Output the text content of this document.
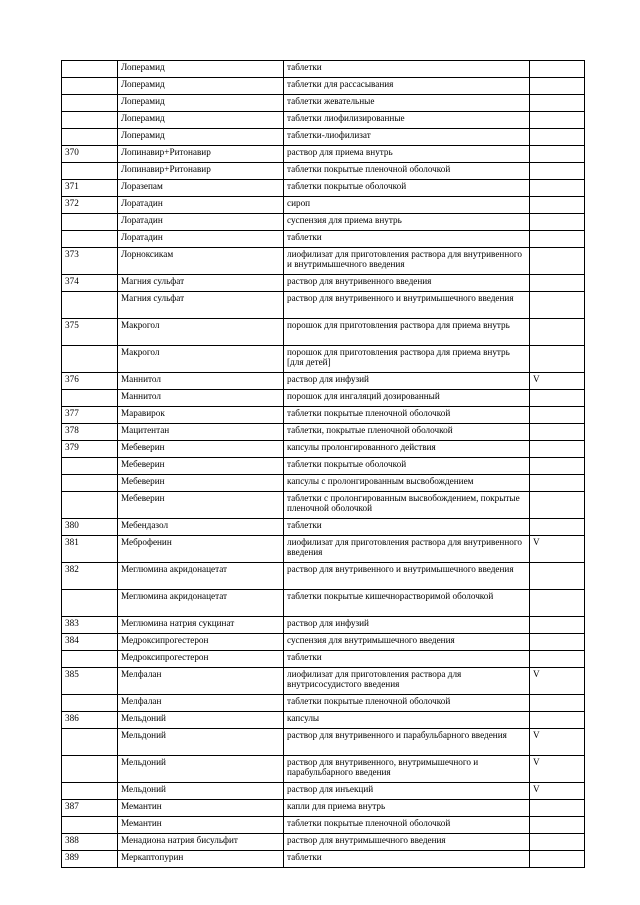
	Лоперамид	таблетки	
	Лоперамид	таблетки для рассасывания	
	Лоперамид	таблетки жевательные	
	Лоперамид	таблетки лиофилизированные	
	Лоперамид	таблетки-лиофилизат	
370	Лопинавир+Ритонавир	раствор для приема внутрь	
	Лопинавир+Ритонавир	таблетки покрытые пленочной оболочкой	
371	Лоразепам	таблетки покрытые оболочкой	
372	Лоратадин	сироп	
	Лоратадин	суспензия для приема внутрь	
	Лоратадин	таблетки	
373	Лорноксикам	лиофилизат для приготовления раствора для внутривенного и внутримышечного введения	
374	Магния сульфат	раствор для внутривенного введения	
	Магния сульфат	раствор для внутривенного и внутримышечного введения	
375	Макрогол	порошок для приготовления раствора для приема внутрь	
	Макрогол	порошок для приготовления раствора для приема внутрь [для детей]	
376	Маннитол	раствор для инфузий	V
	Маннитол	порошок для ингаляций дозированный	
377	Маравирок	таблетки покрытые пленочной оболочкой	
378	Мацитентан	таблетки, покрытые пленочной оболочкой	
379	Мебеверин	капсулы пролонгированного действия	
	Мебеверин	таблетки покрытые оболочкой	
	Мебеверин	капсулы с пролонгированным высвобождением	
	Мебеверин	таблетки с пролонгированным высвобождением, покрытые пленочной оболочкой	
380	Мебендазол	таблетки	
381	Меброфенин	лиофилизат для приготовления раствора для внутривенного введения	V
382	Меглюмина акридонацетат	раствор для внутривенного и внутримышечного введения	
	Меглюмина акридонацетат	таблетки покрытые кишечнорастворимой оболочкой	
383	Меглюмина натрия сукцинат	раствор для инфузий	
384	Медроксипрогестерон	суспензия для внутримышечного введения	
	Медроксипрогестерон	таблетки	
385	Мелфалан	лиофилизат для приготовления раствора для внутрисосудистого введения	V
	Мелфалан	таблетки покрытые пленочной оболочкой	
386	Мельдоний	капсулы	
	Мельдоний	раствор для внутривенного и парабульбарного введения	V
	Мельдоний	раствор для внутривенного, внутримышечного и парабульбарного введения	V
	Мельдоний	раствор для инъекций	V
387	Мемантин	капли для приема внутрь	
	Мемантин	таблетки покрытые пленочной оболочкой	
388	Менадиона натрия бисульфит	раствор для внутримышечного введения	
389	Меркаптопурин	таблетки	
